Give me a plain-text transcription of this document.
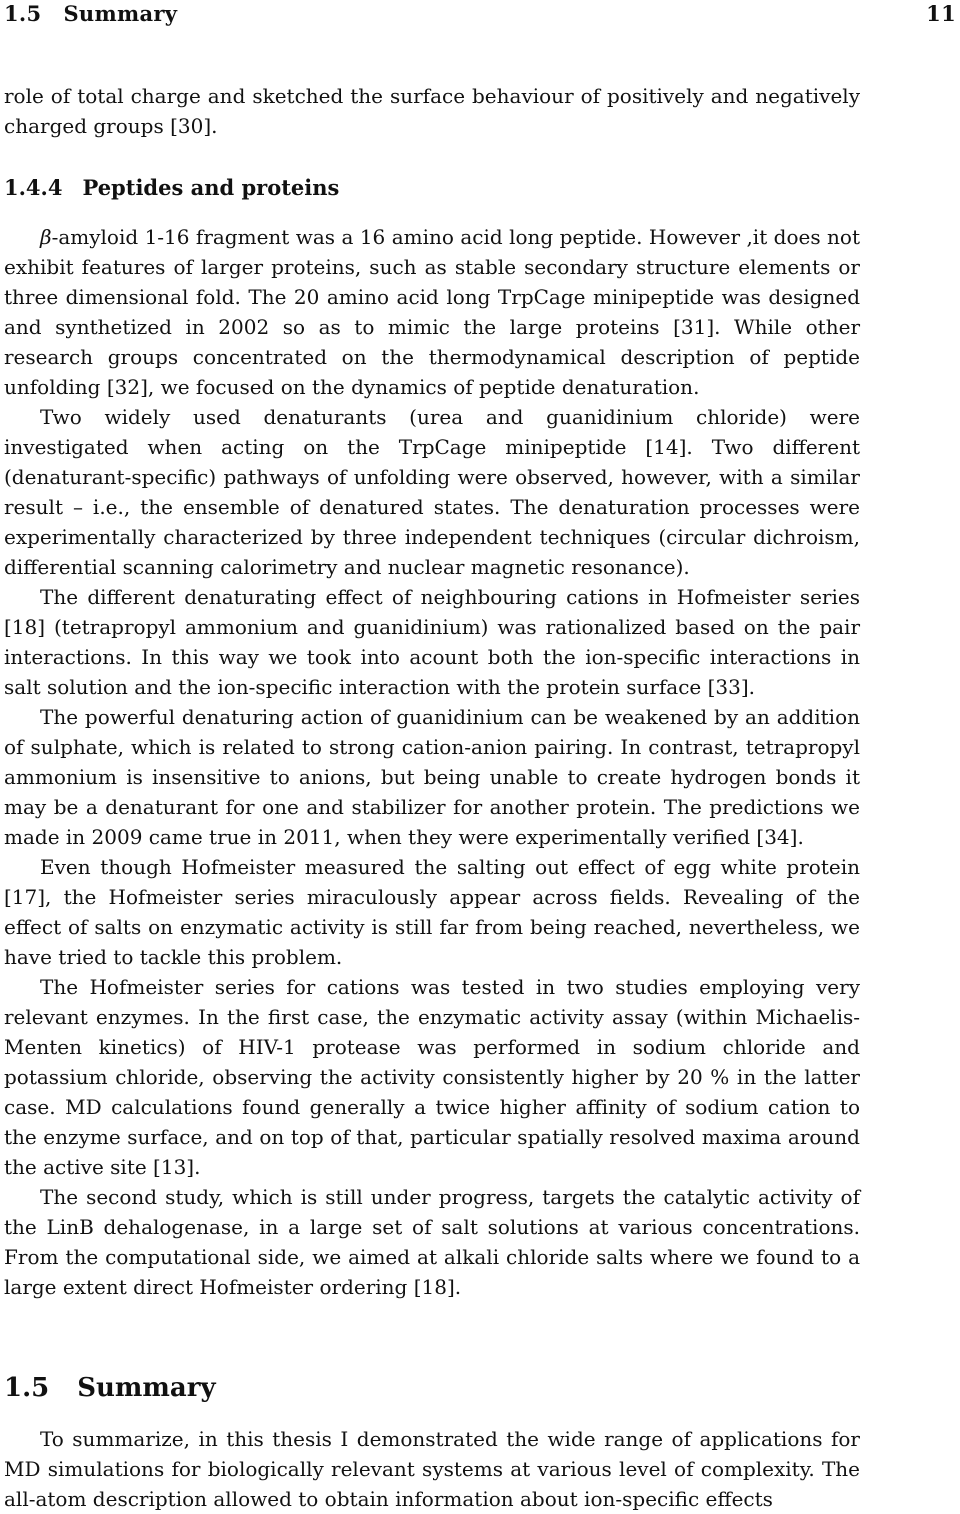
1.5 Summary	11

role of total charge and sketched the surface behaviour of positively and negatively charged groups [30].

1.4.4 Peptides and proteins

β-amyloid 1-16 fragment was a 16 amino acid long peptide. However ,it does not exhibit features of larger proteins, such as stable secondary structure elements or three dimensional fold. The 20 amino acid long TrpCage minipeptide was designed and synthetized in 2002 so as to mimic the large proteins [31]. While other research groups concentrated on the thermodynamical description of peptide unfolding [32], we focused on the dynamics of peptide denaturation.

Two widely used denaturants (urea and guanidinium chloride) were investigated when acting on the TrpCage minipeptide [14]. Two different (denaturant-specific) pathways of unfolding were observed, however, with a similar result – i.e., the ensemble of denatured states. The denaturation processes were experimentally characterized by three independent techniques (circular dichroism, differential scanning calorimetry and nuclear magnetic resonance).

The different denaturating effect of neighbouring cations in Hofmeister series [18] (tetrapropyl ammonium and guanidinium) was rationalized based on the pair interactions. In this way we took into acount both the ion-specific interactions in salt solution and the ion-specific interaction with the protein surface [33].

The powerful denaturing action of guanidinium can be weakened by an addition of sulphate, which is related to strong cation-anion pairing. In contrast, tetrapropyl ammonium is insensitive to anions, but being unable to create hydrogen bonds it may be a denaturant for one and stabilizer for another protein. The predictions we made in 2009 came true in 2011, when they were experimentally verified [34].

Even though Hofmeister measured the salting out effect of egg white protein [17], the Hofmeister series miraculously appear across fields. Revealing of the effect of salts on enzymatic activity is still far from being reached, nevertheless, we have tried to tackle this problem.

The Hofmeister series for cations was tested in two studies employing very relevant enzymes. In the first case, the enzymatic activity assay (within Michaelis-Menten kinetics) of HIV-1 protease was performed in sodium chloride and potassium chloride, observing the activity consistently higher by 20 % in the latter case. MD calculations found generally a twice higher affinity of sodium cation to the enzyme surface, and on top of that, particular spatially resolved maxima around the active site [13].

The second study, which is still under progress, targets the catalytic activity of the LinB dehalogenase, in a large set of salt solutions at various concentrations. From the computational side, we aimed at alkali chloride salts where we found to a large extent direct Hofmeister ordering [18].

1.5 Summary

To summarize, in this thesis I demonstrated the wide range of applications for MD simulations for biologically relevant systems at various level of complexity. The all-atom description allowed to obtain information about ion-specific effects
